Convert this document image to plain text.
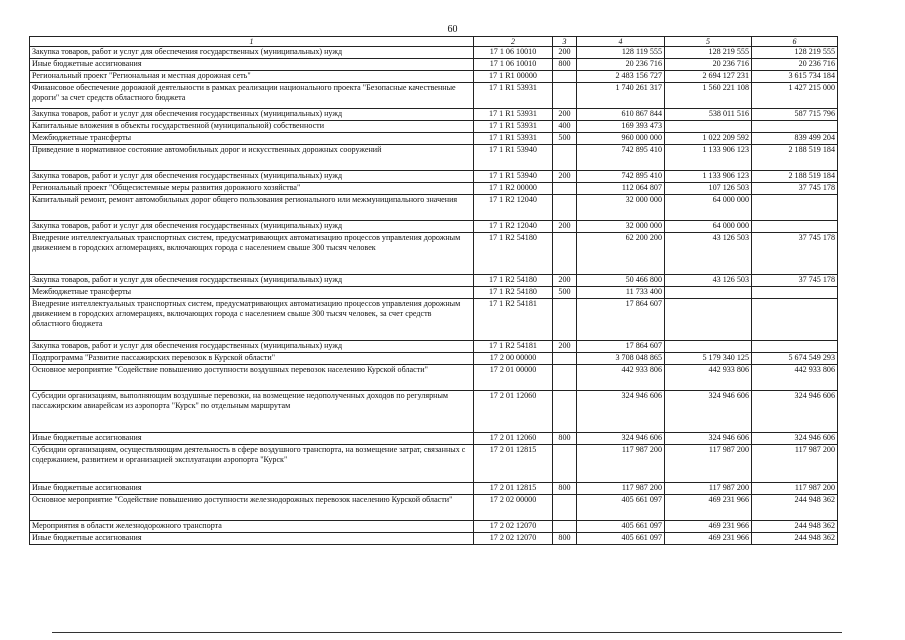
60
1	2	3	4	5	6
Закупка товаров, работ и услуг для обеспечения государственных (муниципальных) нужд	17 1 06 10010	200	128 119 555	128 219 555	128 219 555
Иные бюджетные ассигнования	17 1 06 10010	800	20 236 716	20 236 716	20 236 716
Региональный проект "Региональная и местная дорожная сеть"	17 1 R1 00000		2 483 156 727	2 694 127 231	3 615 734 184
Финансовое обеспечение дорожной деятельности в рамках реализации национального проекта "Безопасные качественные дороги" за счет средств областного бюджета	17 1 R1 53931		1 740 261 317	1 560 221 108	1 427 215 000
Закупка товаров, работ и услуг для обеспечения государственных (муниципальных) нужд	17 1 R1 53931	200	610 867 844	538 011 516	587 715 796
Капитальные вложения в объекты государственной (муниципальной) собственности	17 1 R1 53931	400	169 393 473		
Межбюджетные трансферты	17 1 R1 53931	500	960 000 000	1 022 209 592	839 499 204
Приведение в нормативное состояние автомобильных дорог и искусственных дорожных сооружений	17 1 R1 53940		742 895 410	1 133 906 123	2 188 519 184
Закупка товаров, работ и услуг для обеспечения государственных (муниципальных) нужд	17 1 R1 53940	200	742 895 410	1 133 906 123	2 188 519 184
Региональный проект "Общесистемные меры развития дорожного хозяйства"	17 1 R2 00000		112 064 807	107 126 503	37 745 178
Капитальный ремонт, ремонт автомобильных дорог общего пользования регионального или межмуниципального значения	17 1 R2 12040		32 000 000	64 000 000	
Закупка товаров, работ и услуг для обеспечения государственных (муниципальных) нужд	17 1 R2 12040	200	32 000 000	64 000 000	
Внедрение интеллектуальных транспортных систем, предусматривающих автоматизацию процессов управления дорожным движением в городских агломерациях, включающих города с населением свыше 300 тысяч человек	17 1 R2 54180		62 200 200	43 126 503	37 745 178
Закупка товаров, работ и услуг для обеспечения государственных (муниципальных) нужд	17 1 R2 54180	200	50 466 800	43 126 503	37 745 178
Межбюджетные трансферты	17 1 R2 54180	500	11 733 400		
Внедрение интеллектуальных транспортных систем, предусматривающих автоматизацию процессов управления дорожным движением в городских агломерациях, включающих города с населением свыше 300 тысяч человек, за счет средств областного бюджета	17 1 R2 54181		17 864 607		
Закупка товаров, работ и услуг для обеспечения государственных (муниципальных) нужд	17 1 R2 54181	200	17 864 607		
Подпрограмма "Развитие пассажирских перевозок в Курской области"	17 2 00 00000		3 708 048 865	5 179 340 125	5 674 549 293
Основное мероприятие "Содействие повышению доступности воздушных перевозок населению Курской области"	17 2 01 00000		442 933 806	442 933 806	442 933 806
Субсидии организациям, выполняющим воздушные перевозки, на возмещение недополученных доходов по регулярным пассажирским авиарейсам из аэропорта "Курск" по отдельным маршрутам	17 2 01 12060		324 946 606	324 946 606	324 946 606
Иные бюджетные ассигнования	17 2 01 12060	800	324 946 606	324 946 606	324 946 606
Субсидии организациям, осуществляющим деятельность в сфере воздушного транспорта, на возмещение затрат, связанных с содержанием, развитием и организацией эксплуатации аэропорта "Курск"	17 2 01 12815		117 987 200	117 987 200	117 987 200
Иные бюджетные ассигнования	17 2 01 12815	800	117 987 200	117 987 200	117 987 200
Основное мероприятие "Содействие повышению доступности железнодорожных перевозок населению Курской области"	17 2 02 00000		405 661 097	469 231 966	244 948 362
Мероприятия в области железнодорожного транспорта	17 2 02 12070		405 661 097	469 231 966	244 948 362
Иные бюджетные ассигнования	17 2 02 12070	800	405 661 097	469 231 966	244 948 362
